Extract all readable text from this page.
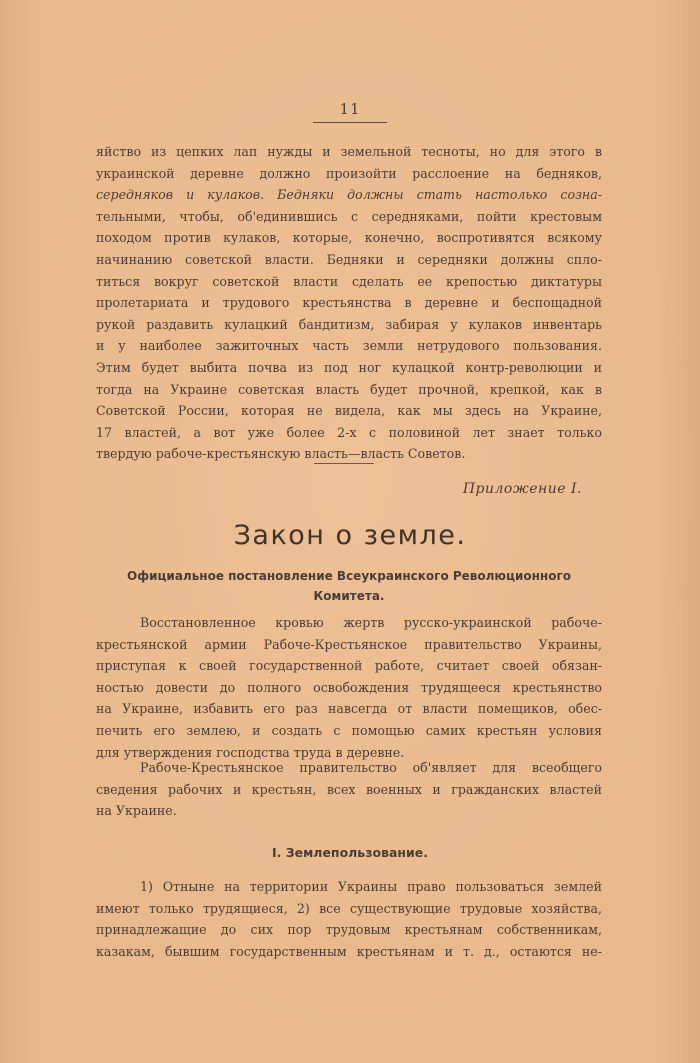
11
яйство из цепких лап нужды и земельной тесноты, но для этого в
украинской деревне должно произойти расслоение на бедняков,
середняков и кулаков. Бедняки должны стать настолько созна-
тельными, чтобы, об'единившись с середняками, пойти крестовым
походом против кулаков, которые, конечно, воспротивятся всякому
начинанию советской власти. Бедняки и середняки должны спло-
титься вокруг советской власти сделать ее крепостью диктатуры
пролетариата и трудового крестьянства в деревне и беспощадной
рукой раздавить кулацкий бандитизм, забирая у кулаков инвентарь
и у наиболее зажиточных часть земли нетрудового пользования.
Этим будет выбита почва из под ног кулацкой контр-революции и
тогда на Украине советская власть будет прочной, крепкой, как в
Советской России, которая не видела, как мы здесь на Украине,
17 властей, а вот уже более 2-х с половиной лет знает только
твердую рабоче-крестьянскую власть—власть Советов.
Приложение I.
Закон о земле.
Официальное постановление Всеукраинского Революционного
Комитета.
Восстановленное кровью жертв русско-украинской рабоче-
крестьянской армии Рабоче-Крестьянское правительство Украины,
приступая к своей государственной работе, считает своей обязан-
ностью довести до полного освобождения трудящееся крестьянство
на Украине, избавить его раз навсегда от власти помещиков, обес-
печить его землею, и создать с помощью самих крестьян условия
для утверждения господства труда в деревне.
Рабоче-Крестьянское правительство об'являет для всеобщего
сведения рабочих и крестьян, всех военных и гражданских властей
на Украине.
I. Землепользование.
1) Отныне на территории Украины право пользоваться землей
имеют только трудящиеся, 2) все существующие трудовые хозяйства,
принадлежащие до сих пор трудовым крестьянам собственникам,
казакам, бывшим государственным крестьянам и т. д., остаются не-
